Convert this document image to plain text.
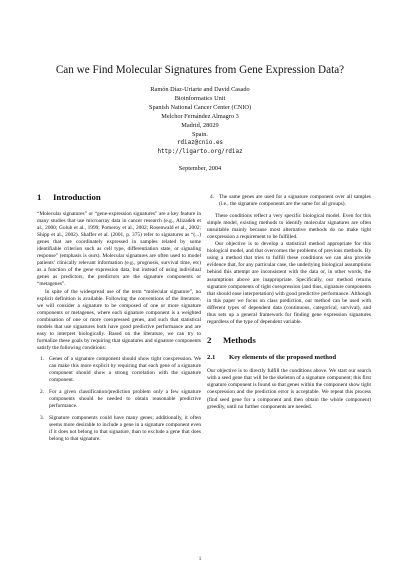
Can we Find Molecular Signatures from Gene Expression Data?
Ramón Díaz-Uriarte and David Casado
Bioinformatics Unit
Spanish National Cancer Center (CNIO)
Melchor Fernández Almagro 3
Madrid, 28029
Spain.
rdiaz@cnio.es
http://ligarto.org/rdiaz
September, 2004
1 Introduction

“Molecular signatures” or “gene-expression signatures” are a key feature in many studies that use microarray data in cancer research (e.g., Alizadeh et al., 2000; Golub et al., 1999; Pomeroy et al., 2002; Rosenwald et al., 2002; Shipp et al., 2002). Shaffer et al. (2001, p. 375) refer to signatures as “(...) genes that are coordinately expressed in samples related by some identifiable criterion such as cell type, differentiation state, or signaling response” (emphasis is ours). Molecular signatures are often used to model patients’ clinically relevant information (e.g., prognosis, survival time, etc) as a function of the gene expression data, but instead of using individual genes as predictors, the predictors are the signature components or “metagenes”.

In spite of the widespread use of the term “molecular signature”, no explicit definition is available. Following the conventions of the literature, we will consider a signature to be composed of one or more signature components or metagenes, where each signature component is a weighted combination of one or more coexpressed genes, and such that statistical models that use signatures both have good predictive performance and are easy to interpret biologically. Based on the literature, we can try to formalize these goals by requiring that signatures and signature components satisfy the following conditions:

1. Genes of a signature component should show tight coexpression. We can make this more explicit by requiring that each gene of a signature component should show a strong correlation with the signature component.
2. For a given classification/prediction problem only a few signature components should be needed to obtain reasonable predictive performance.
3. Signature components could have many genes; additionally, it often seems more desirable to include a gene in a signature component even if it does not belong to that signature, than to exclude a gene that does belong to that signature.
4. The same genes are used for a signature component over all samples (i.e., the signature components are the same for all groups).

These conditions reflect a very specific biological model. Even for this simple model, existing methods to identify molecular signatures are often unsuitable mainly because most alternative methods do no make tight coexpression a requirement to be fulfilled.

Our objective is to develop a statistical method appropriate for this biological model, and that overcomes the problems of previous methods. By using a method that tries to fulfill these conditions we can also provide evidence that, for any particular case, the underlying biological assumptions behind this attempt are inconsistent with the data or, in other words, the assumptions above are inappropriate. Specifically, our method returns signature components of tight coexpression (and thus, signature components that should ease interpretation) with good predictive performance. Although in this paper we focus on class prediction, our method can be used with different types of dependent data (continuous, categorical, survival), and thus sets up a general framework for finding gene expression signatures regardless of the type of dependent variable.

2 Methods
2.1	Key elements of the proposed method

Our objective is to directly fulfill the conditions above. We start our search with a seed gene that will be the skeleton of a signature component; this first signature component is found so that genes within the component show tight coexpression and the prediction error is acceptable. We repeat this process (find seed gene for a component and then obtain the whole component) greedily, until no further components are needed.

1
